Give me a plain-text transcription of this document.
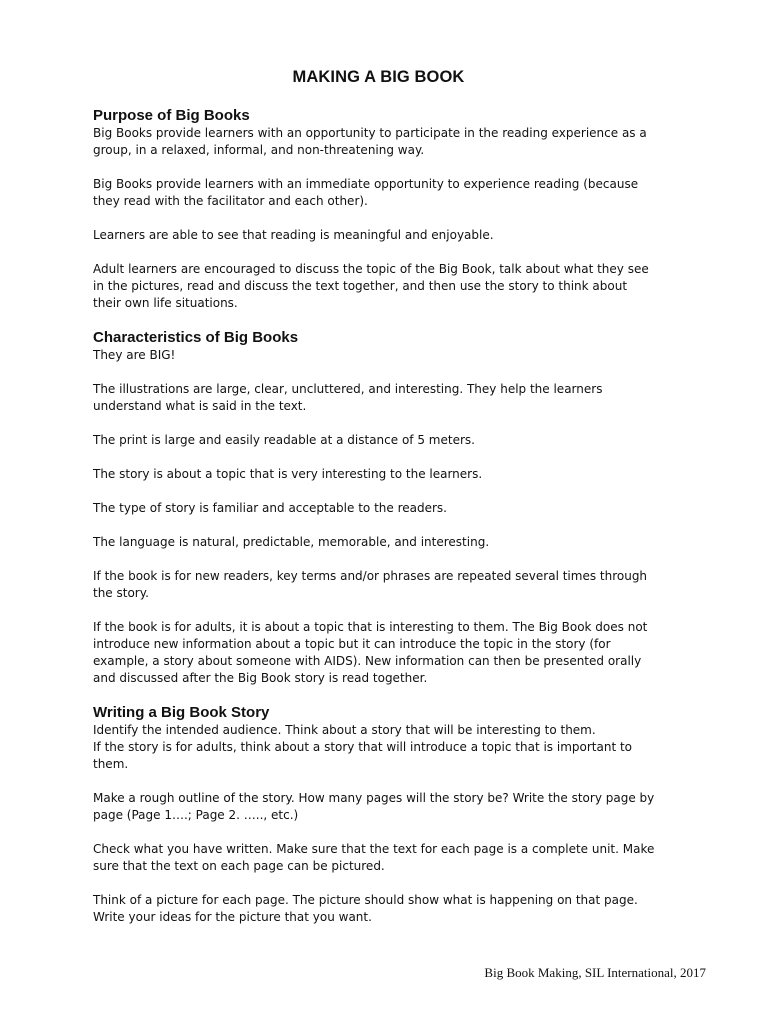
MAKING A BIG BOOK
Purpose of Big Books

Big Books provide learners with an opportunity to participate in the reading experience as a group, in a relaxed, informal, and non-threatening way.

Big Books provide learners with an immediate opportunity to experience reading (because they read with the facilitator and each other).

Learners are able to see that reading is meaningful and enjoyable.

Adult learners are encouraged to discuss the topic of the Big Book, talk about what they see in the pictures, read and discuss the text together, and then use the story to think about their own life situations.

Characteristics of Big Books

They are BIG!

The illustrations are large, clear, uncluttered, and interesting. They help the learners understand what is said in the text.

The print is large and easily readable at a distance of 5 meters.

The story is about a topic that is very interesting to the learners.

The type of story is familiar and acceptable to the readers.

The language is natural, predictable, memorable, and interesting.

If the book is for new readers, key terms and/or phrases are repeated several times through the story.

If the book is for adults, it is about a topic that is interesting to them. The Big Book does not introduce new information about a topic but it can introduce the topic in the story (for example, a story about someone with AIDS). New information can then be presented orally and discussed after the Big Book story is read together.

Writing a Big Book Story

Identify the intended audience. Think about a story that will be interesting to them.

If the story is for adults, think about a story that will introduce a topic that is important to them.

Make a rough outline of the story. How many pages will the story be? Write the story page by page (Page 1….; Page 2. ….., etc.)

Check what you have written. Make sure that the text for each page is a complete unit. Make sure that the text on each page can be pictured.

Think of a picture for each page. The picture should show what is happening on that page. Write your ideas for the picture that you want.

Big Book Making, SIL International, 2017
